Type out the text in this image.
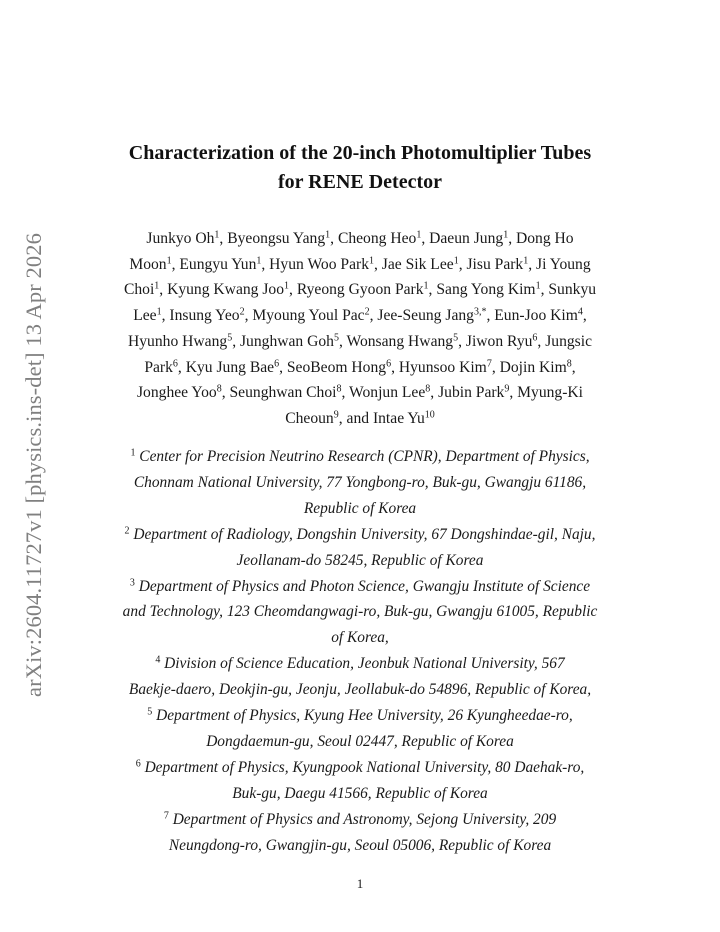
arXiv:2604.11727v1 [physics.ins-det] 13 Apr 2026
Characterization of the 20-inch Photomultiplier Tubes
for RENE Detector
Junkyo Oh$^1$, Byeongsu Yang$^1$, Cheong Heo$^1$, Daeun Jung$^1$, Dong Ho
Moon$^1$, Eungyu Yun$^1$, Hyun Woo Park$^1$, Jae Sik Lee$^1$, Jisu Park$^1$, Ji Young
Choi$^1$, Kyung Kwang Joo$^1$, Ryeong Gyoon Park$^1$, Sang Yong Kim$^1$, Sunkyu
Lee$^1$, Insung Yeo$^2$, Myoung Youl Pac$^2$, Jee-Seung Jang$^{3,*}$, Eun-Joo Kim$^4$,
Hyunho Hwang$^5$, Junghwan Goh$^5$, Wonsang Hwang$^5$, Jiwon Ryu$^6$, Jungsic
Park$^6$, Kyu Jung Bae$^6$, SeoBeom Hong$^6$, Hyunsoo Kim$^7$, Dojin Kim$^8$,
Jonghee Yoo$^8$, Seunghwan Choi$^8$, Wonjun Lee$^8$, Jubin Park$^9$, Myung-Ki
Cheoun$^9$, and Intae Yu$^{10}$
$^1$ Center for Precision Neutrino Research (CPNR), Department of Physics,
Chonnam National University, 77 Yongbong-ro, Buk-gu, Gwangju 61186,
Republic of Korea
$^2$ Department of Radiology, Dongshin University, 67 Dongshindae-gil, Naju,
Jeollanam-do 58245, Republic of Korea
$^3$ Department of Physics and Photon Science, Gwangju Institute of Science
and Technology, 123 Cheomdangwagi-ro, Buk-gu, Gwangju 61005, Republic
of Korea,
$^4$ Division of Science Education, Jeonbuk National University, 567
Baekje-daero, Deokjin-gu, Jeonju, Jeollabuk-do 54896, Republic of Korea,
$^5$ Department of Physics, Kyung Hee University, 26 Kyungheedae-ro,
Dongdaemun-gu, Seoul 02447, Republic of Korea
$^6$ Department of Physics, Kyungpook National University, 80 Daehak-ro,
Buk-gu, Daegu 41566, Republic of Korea
$^7$ Department of Physics and Astronomy, Sejong University, 209
Neungdong-ro, Gwangjin-gu, Seoul 05006, Republic of Korea
1
